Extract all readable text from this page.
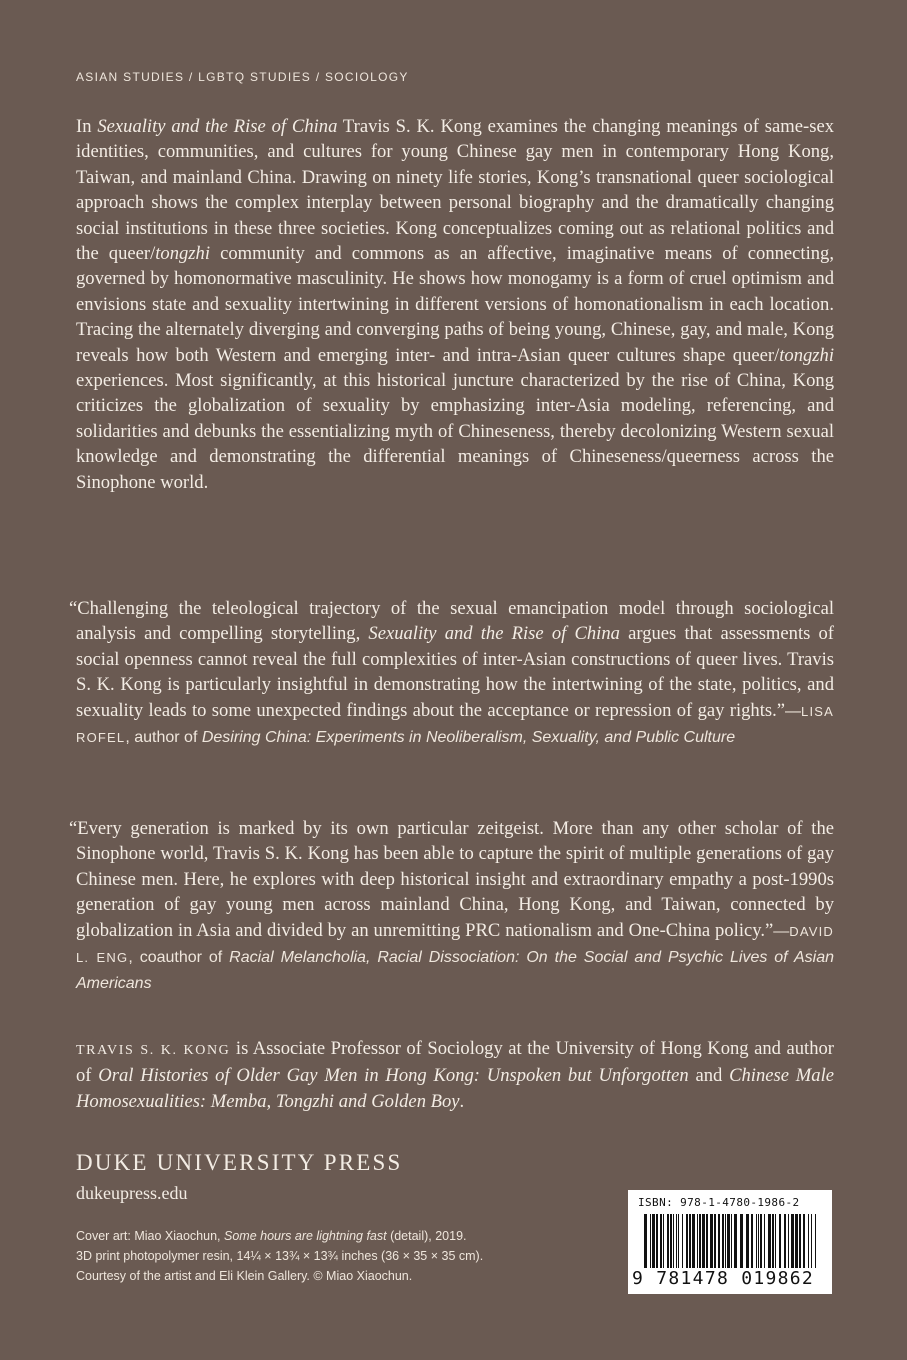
ASIAN STUDIES / LGBTQ STUDIES / SOCIOLOGY

In Sexuality and the Rise of China Travis S. K. Kong examines the changing meanings of same-sex identities, communities, and cultures for young Chinese gay men in contemporary Hong Kong, Taiwan, and mainland China. Drawing on ninety life stories, Kong’s transnational queer sociological approach shows the complex interplay between personal biography and the dramatically changing social institutions in these three societies. Kong conceptualizes coming out as relational politics and the queer/tongzhi community and commons as an affective, imaginative means of connecting, governed by homonormative masculinity. He shows how monogamy is a form of cruel optimism and envisions state and sexuality intertwining in different versions of homonationalism in each location. Tracing the alternately diverging and converging paths of being young, Chinese, gay, and male, Kong reveals how both Western and emerging inter- and intra-Asian queer cultures shape queer/tongzhi experiences. Most significantly, at this historical juncture characterized by the rise of China, Kong criticizes the globalization of sexuality by emphasizing inter-Asia modeling, referencing, and solidarities and debunks the essentializing myth of Chineseness, thereby decolonizing Western sexual knowledge and demonstrating the differential meanings of Chineseness/queerness across the Sinophone world.

“Challenging the teleological trajectory of the sexual emancipation model through sociological analysis and compelling storytelling, Sexuality and the Rise of China argues that assessments of social openness cannot reveal the full complexities of inter-Asian constructions of queer lives. Travis S. K. Kong is particularly insightful in demonstrating how the intertwining of the state, politics, and sexuality leads to some unexpected findings about the acceptance or repression of gay rights.”—LISA ROFEL, author of Desiring China: Experiments in Neoliberalism, Sexuality, and Public Culture

“Every generation is marked by its own particular zeitgeist. More than any other scholar of the Sinophone world, Travis S. K. Kong has been able to capture the spirit of multiple generations of gay Chinese men. Here, he explores with deep historical insight and extraordinary empathy a post-1990s generation of gay young men across mainland China, Hong Kong, and Taiwan, connected by globalization in Asia and divided by an unremitting PRC nationalism and One-China policy.”—DAVID L. ENG, coauthor of Racial Melancholia, Racial Dissociation: On the Social and Psychic Lives of Asian Americans

TRAVIS S. K. KONG is Associate Professor of Sociology at the University of Hong Kong and author of Oral Histories of Older Gay Men in Hong Kong: Unspoken but Unforgotten and Chinese Male Homosexualities: Memba, Tongzhi and Golden Boy.

DUKE UNIVERSITY PRESS
dukeupress.edu
Cover art: Miao Xiaochun, Some hours are lightning fast (detail), 2019.
3D print photopolymer resin, 14¼ × 13¾ × 13¾ inches (36 × 35 × 35 cm).
Courtesy of the artist and Eli Klein Gallery. © Miao Xiaochun.
ISBN: 978-1-4780-1986-2
9 781478 019862
